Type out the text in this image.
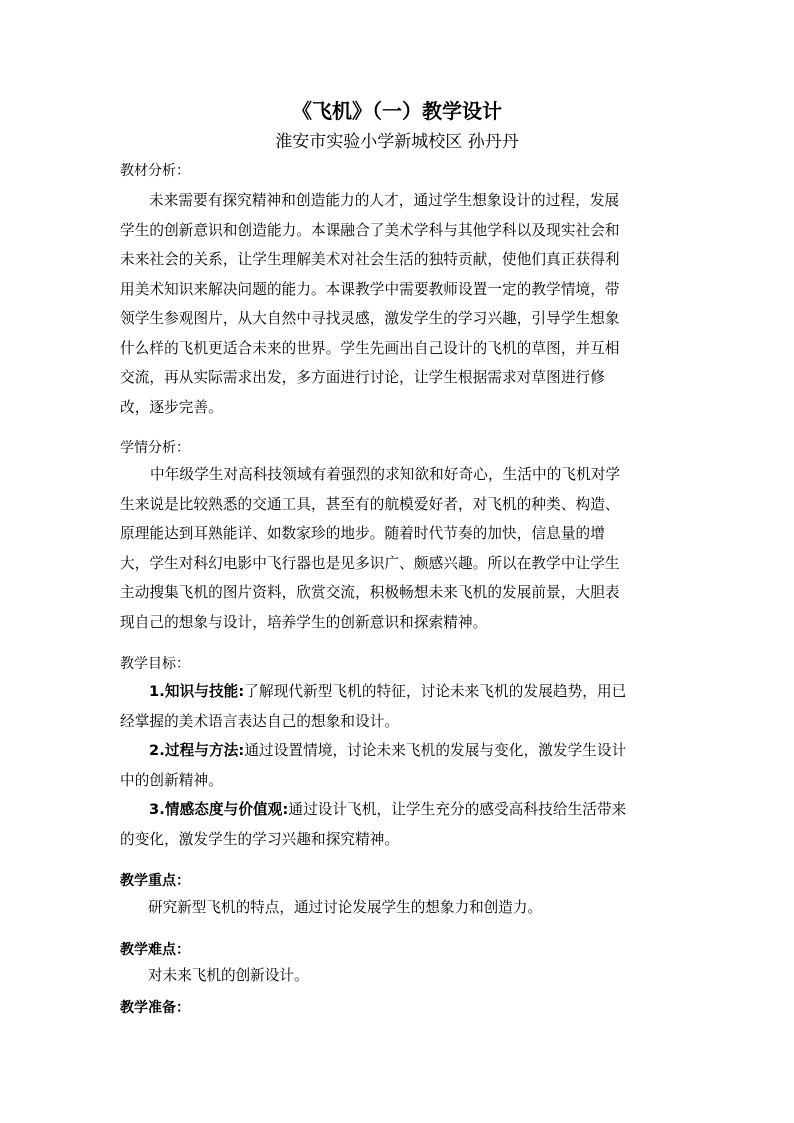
《飞机》（一）教学设计
淮安市实验小学新城校区 孙丹丹
教材分析：
未来需要有探究精神和创造能力的人才，通过学生想象设计的过程，发展
学生的创新意识和创造能力。本课融合了美术学科与其他学科以及现实社会和
未来社会的关系，让学生理解美术对社会生活的独特贡献，使他们真正获得利
用美术知识来解决问题的能力。本课教学中需要教师设置一定的教学情境，带
领学生参观图片，从大自然中寻找灵感，激发学生的学习兴趣，引导学生想象
什么样的飞机更适合未来的世界。学生先画出自己设计的飞机的草图，并互相
交流，再从实际需求出发，多方面进行讨论，让学生根据需求对草图进行修
改，逐步完善。
学情分析：
中年级学生对高科技领域有着强烈的求知欲和好奇心，生活中的飞机对学
生来说是比较熟悉的交通工具，甚至有的航模爱好者，对飞机的种类、构造、
原理能达到耳熟能详、如数家珍的地步。随着时代节奏的加快，信息量的增
大，学生对科幻电影中飞行器也是见多识广、颇感兴趣。所以在教学中让学生
主动搜集飞机的图片资料，欣赏交流，积极畅想未来飞机的发展前景，大胆表
现自己的想象与设计，培养学生的创新意识和探索精神。
教学目标：
1.知识与技能:了解现代新型飞机的特征，讨论未来飞机的发展趋势，用已
经掌握的美术语言表达自己的想象和设计。
2.过程与方法:通过设置情境，讨论未来飞机的发展与变化，激发学生设计
中的创新精神。
3.情感态度与价值观:通过设计飞机，让学生充分的感受高科技给生活带来
的变化，激发学生的学习兴趣和探究精神。
教学重点：
研究新型飞机的特点，通过讨论发展学生的想象力和创造力。
教学难点：
对未来飞机的创新设计。
教学准备：
